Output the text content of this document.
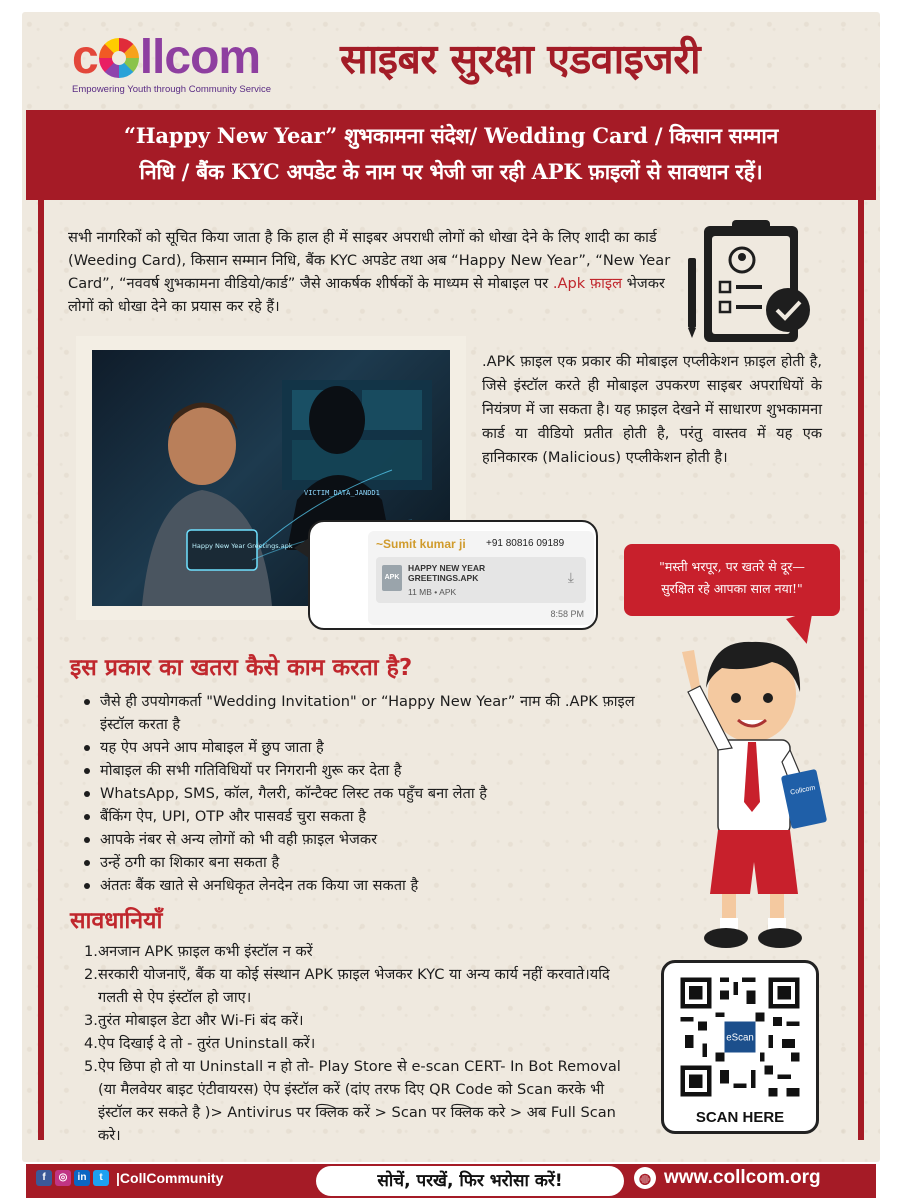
c llcom
Empowering Youth through Community Service
साइबर सुरक्षा एडवाइजरी
“Happy New Year” शुभकामना संदेश/ Wedding Card / किसान सम्मान
निधि / बैंक KYC अपडेट के नाम पर भेजी जा रही APK फ़ाइलों से सावधान रहें।

सभी नागरिकों को सूचित किया जाता है कि हाल ही में साइबर अपराधी लोगों को धोखा देने के लिए शादी का कार्ड (Weeding Card), किसान सम्मान निधि, बैंक KYC अपडेट तथा अब “Happy New Year”, “New Year Card”, “नववर्ष शुभकामना वीडियो/कार्ड” जैसे आकर्षक शीर्षकों के माध्यम से मोबाइल पर .Apk फ़ाइल भेजकर लोगों को धोखा देने का प्रयास कर रहे हैं।

VICTIM_DATA_JANDD1
Happy New Year Greetings.apk

.APK फ़ाइल एक प्रकार की मोबाइल एप्लीकेशन फ़ाइल होती है, जिसे इंस्टॉल करते ही मोबाइल उपकरण साइबर अपराधियों के नियंत्रण में जा सकता है। यह फ़ाइल देखने में साधारण शुभकामना कार्ड या वीडियो प्रतीत होती है, परंतु वास्तव में यह एक हानिकारक (Malicious) एप्लीकेशन होती है।

~Sumit kumar ji +91 80816 09189
APK
HAPPY NEW YEAR
GREETINGS.APK
11 MB • APK
⤓
8:58 PM
"मस्ती भरपूर, पर खतरे से दूर—
सुरक्षित रहे आपका साल नया!"
इस प्रकार का खतरा कैसे काम करता है?
जैसे ही उपयोगकर्ता "Wedding Invitation" or “Happy New Year” नाम की .APK फ़ाइल इंस्टॉल करता है
यह ऐप अपने आप मोबाइल में छुप जाता है
मोबाइल की सभी गतिविधियों पर निगरानी शुरू कर देता है
WhatsApp, SMS, कॉल, गैलरी, कॉन्टैक्ट लिस्ट तक पहुँच बना लेता है
बैंकिंग ऐप, UPI, OTP और पासवर्ड चुरा सकता है
आपके नंबर से अन्य लोगों को भी वही फ़ाइल भेजकर
उन्हें ठगी का शिकार बना सकता है
अंततः बैंक खाते से अनधिकृत लेनदेन तक किया जा सकता है
सावधानियाँ
1. अनजान APK फ़ाइल कभी इंस्टॉल न करें
2. सरकारी योजनाएँ, बैंक या कोई संस्थान APK फ़ाइल भेजकर KYC या अन्य कार्य नहीं करवाते।यदि गलती से ऐप इंस्टॉल हो जाए।
3. तुरंत मोबाइल डेटा और Wi-Fi बंद करें।
4. ऐप दिखाई दे तो - तुरंत Uninstall करें।
5. ऐप छिपा हो तो या Uninstall न हो तो- Play Store से e-scan CERT- In Bot Removal (या मैलवेयर बाइट एंटीवायरस) ऐप इंस्टॉल करें (दांए तरफ दिए QR Code को Scan करके भी इंस्टॉल कर सकते है )> Antivirus पर क्लिक करें > Scan पर क्लिक करे > अब Full Scan करे।
Collcom
eScan
SCAN HERE
f	◎	in	t |CollCommunity	सोचें, परखें, फिर भरोसा करें!	◍ www.collcom.org
